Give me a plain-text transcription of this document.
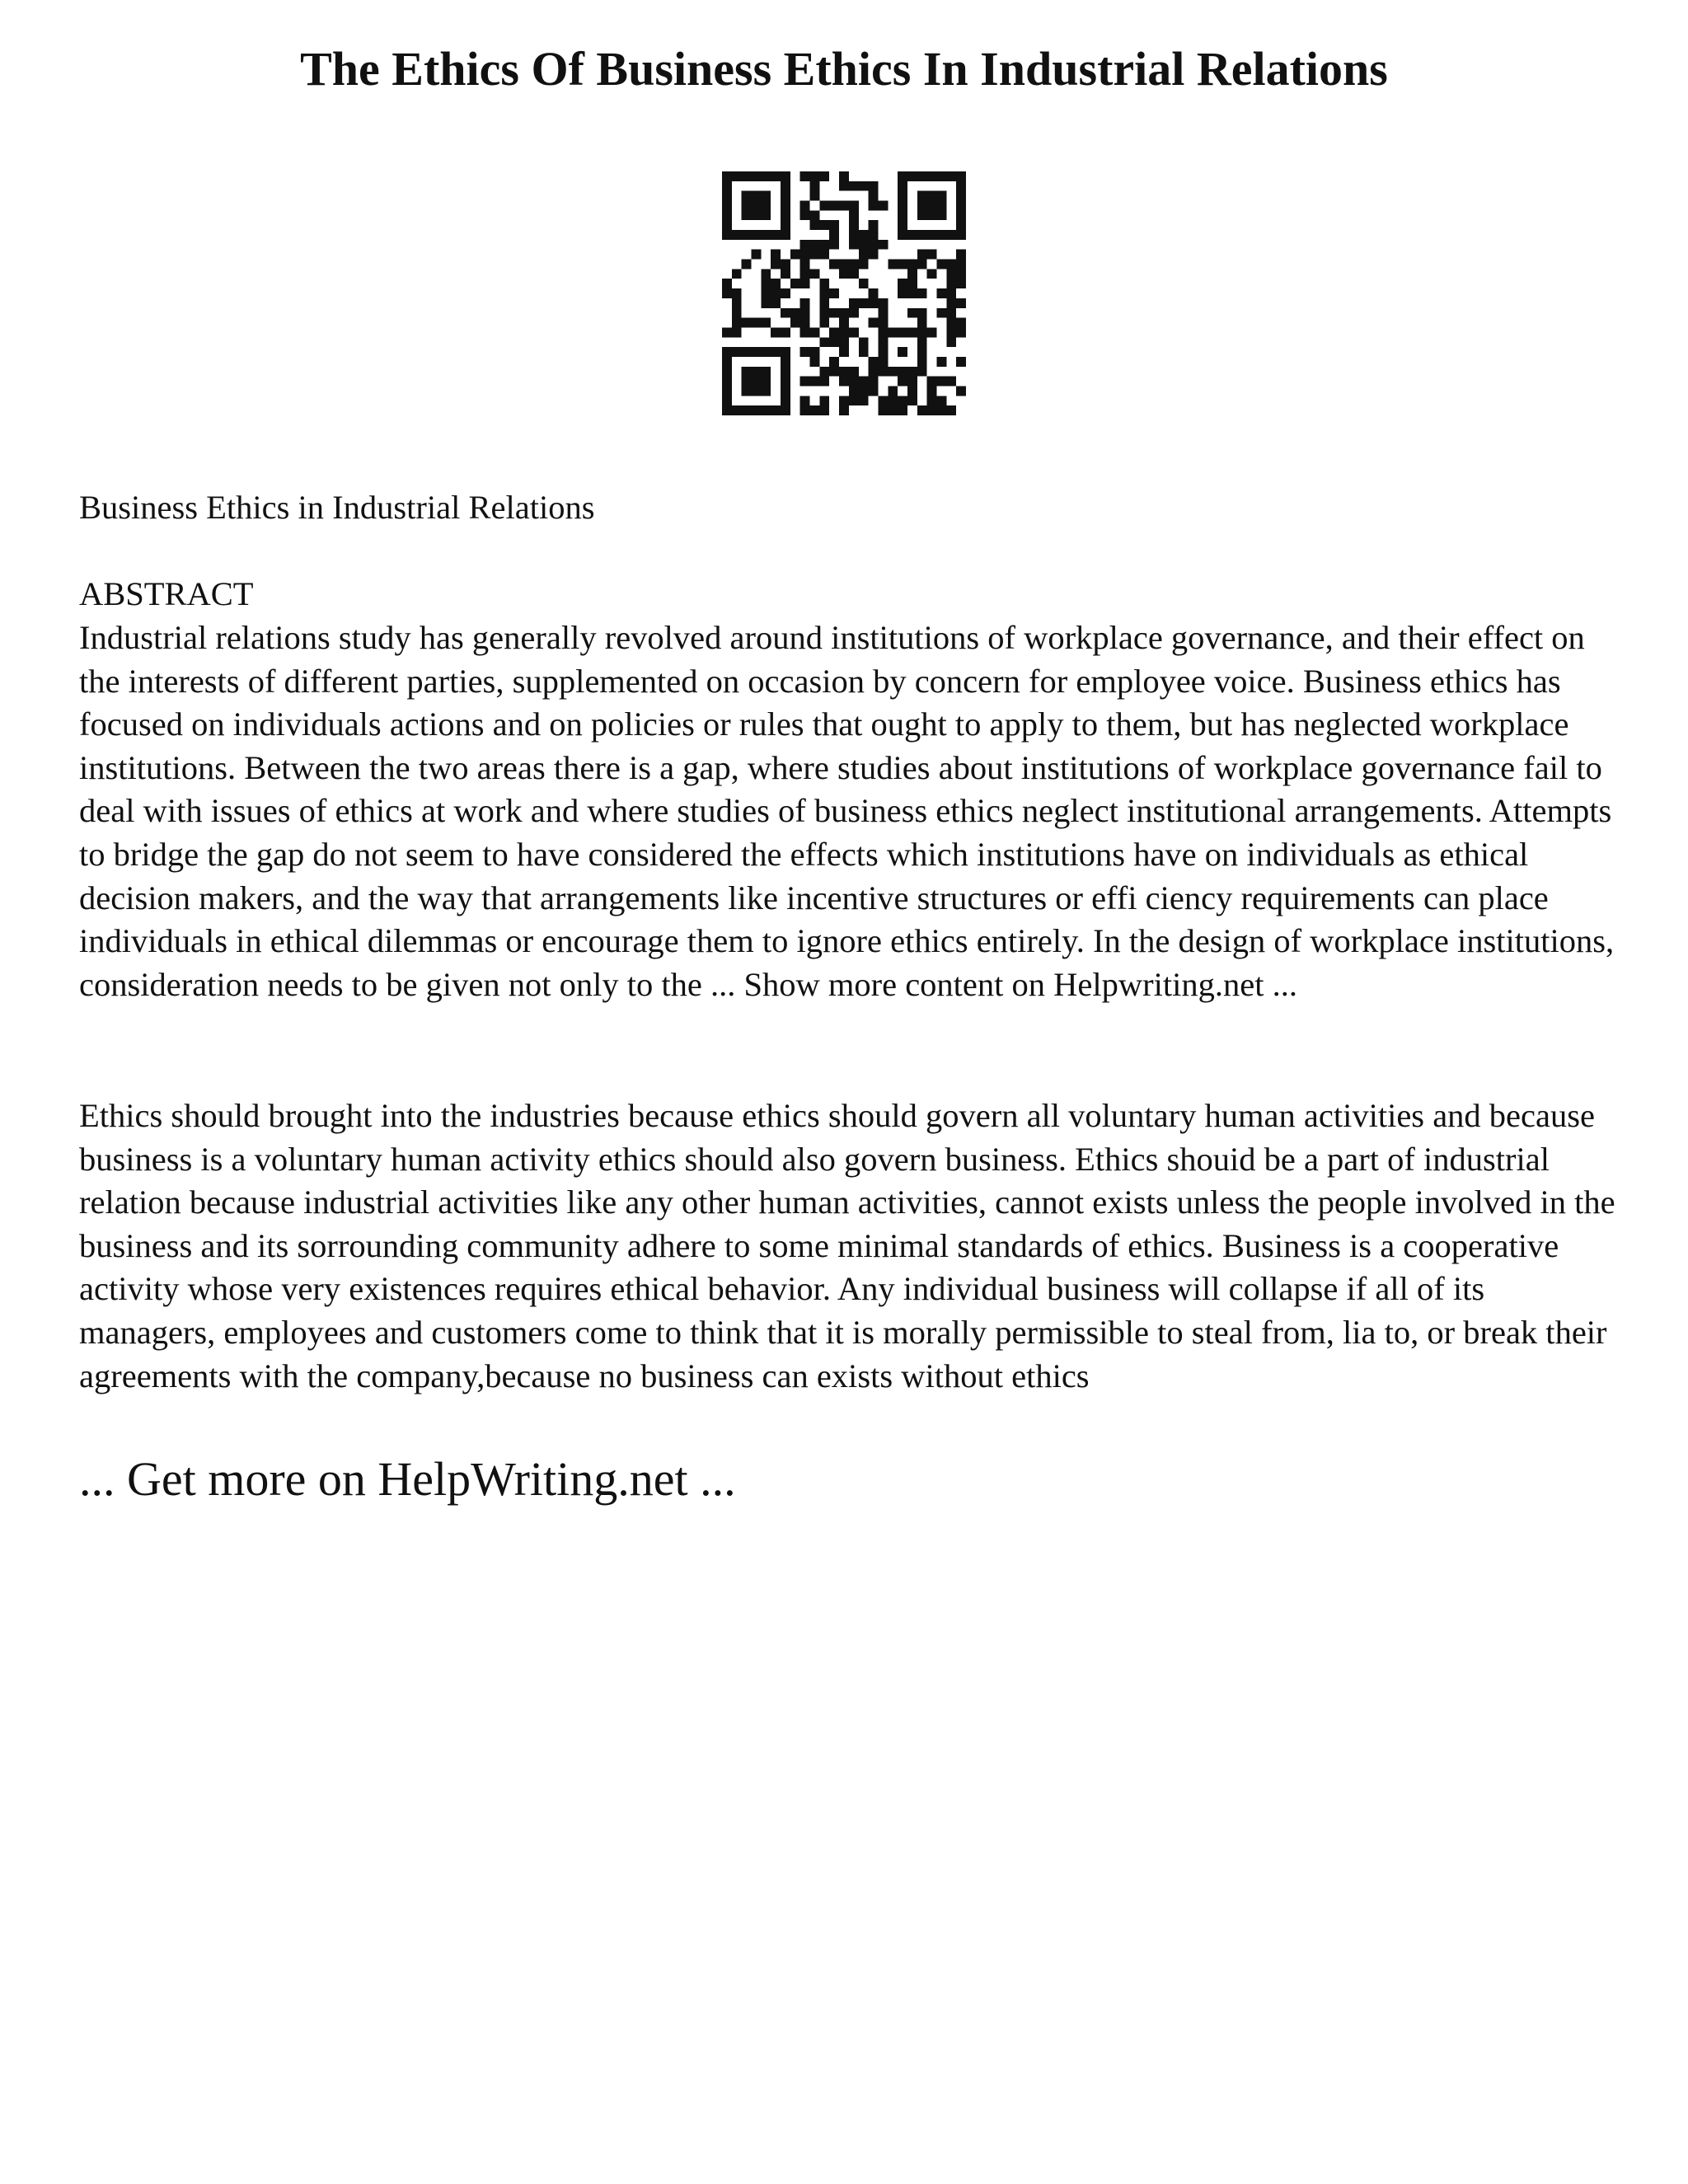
The Ethics Of Business Ethics In Industrial Relations

Business Ethics in Industrial Relations

ABSTRACT

Industrial relations study has generally revolved around institutions of workplace governance, and their effect on the interests of different parties, supplemented on occasion by concern for employee voice. Business ethics has focused on individuals actions and on policies or rules that ought to apply to them, but has neglected workplace institutions. Between the two areas there is a gap, where studies about institutions of workplace governance fail to deal with issues of ethics at work and where studies of business ethics neglect institutional arrangements. Attempts to bridge the gap do not seem to have considered the effects which institutions have on individuals as ethical decision makers, and the way that arrangements like incentive structures or effi ciency requirements can place individuals in ethical dilemmas or encourage them to ignore ethics entirely. In the design of workplace institutions, consideration needs to be given not only to the ... Show more content on Helpwriting.net ...

Ethics should brought into the industries because ethics should govern all voluntary human activities and because business is a voluntary human activity ethics should also govern business. Ethics shouid be a part of industrial relation because industrial activities like any other human activities, cannot exists unless the people involved in the business and its sorrounding community adhere to some minimal standards of ethics. Business is a cooperative activity whose very existences requires ethical behavior. Any individual business will collapse if all of its managers, employees and customers come to think that it is morally permissible to steal from, lia to, or break their agreements with the company,because no business can exists without ethics

... Get more on HelpWriting.net ...
